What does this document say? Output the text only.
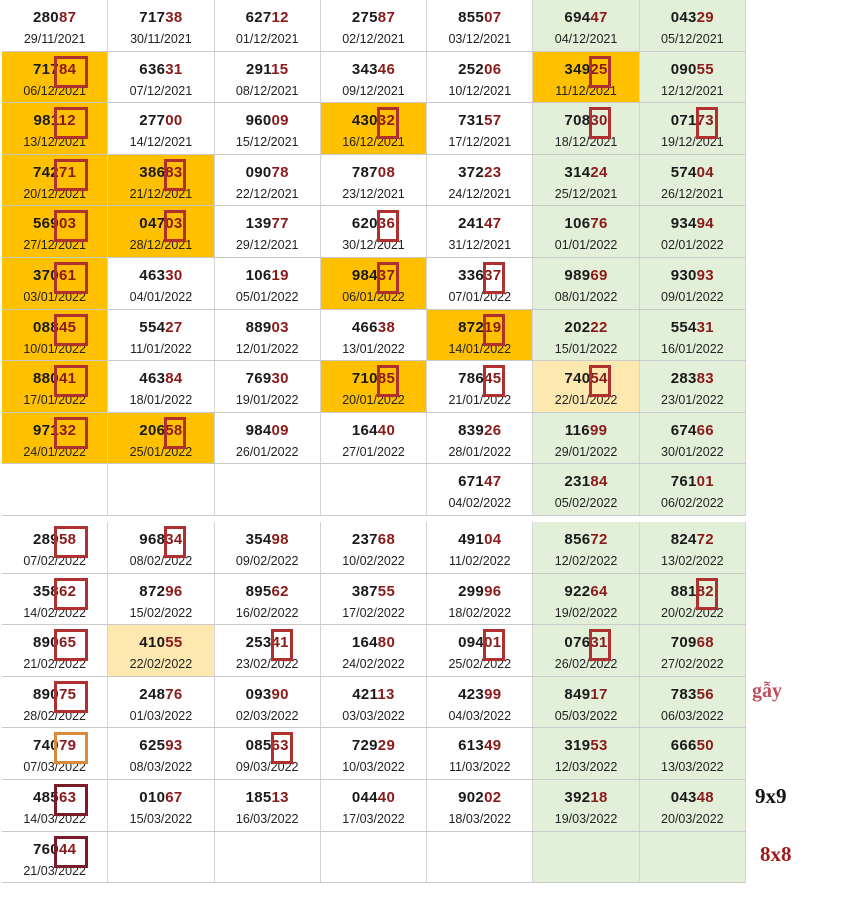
28087
29/11/2021
71738
30/11/2021
62712
01/12/2021
27587
02/12/2021
85507
03/12/2021
69447
04/12/2021
04329
05/12/2021
71784
06/12/2021
63631
07/12/2021
29115
08/12/2021
34346
09/12/2021
25206
10/12/2021
34925
11/12/2021
09055
12/12/2021
98112
13/12/2021
27700
14/12/2021
96009
15/12/2021
43032
16/12/2021
73157
17/12/2021
70830
18/12/2021
07173
19/12/2021
74271
20/12/2021
38683
21/12/2021
09078
22/12/2021
78708
23/12/2021
37223
24/12/2021
31424
25/12/2021
57404
26/12/2021
56903
27/12/2021
04703
28/12/2021
13977
29/12/2021
62036
30/12/2021
24147
31/12/2021
10676
01/01/2022
93494
02/01/2022
37061
03/01/2022
46330
04/01/2022
10619
05/01/2022
98437
06/01/2022
33637
07/01/2022
98969
08/01/2022
93093
09/01/2022
08845
10/01/2022
55427
11/01/2022
88903
12/01/2022
46638
13/01/2022
87219
14/01/2022
20222
15/01/2022
55431
16/01/2022
88041
17/01/2022
46384
18/01/2022
76930
19/01/2022
71085
20/01/2022
78645
21/01/2022
74054
22/01/2022
28383
23/01/2022
97132
24/01/2022
20658
25/01/2022
98409
26/01/2022
16440
27/01/2022
83926
28/01/2022
11699
29/01/2022
67466
30/01/2022
67147
04/02/2022
23184
05/02/2022
76101
06/02/2022
28958
07/02/2022
96834
08/02/2022
35498
09/02/2022
23768
10/02/2022
49104
11/02/2022
85672
12/02/2022
82472
13/02/2022
35862
14/02/2022
87296
15/02/2022
89562
16/02/2022
38755
17/02/2022
29996
18/02/2022
92264
19/02/2022
88182
20/02/2022
89065
21/02/2022
41055
22/02/2022
25341
23/02/2022
16480
24/02/2022
09401
25/02/2022
07631
26/02/2022
70968
27/02/2022
89075
28/02/2022
24876
01/03/2022
09390
02/03/2022
42113
03/03/2022
42399
04/03/2022
84917
05/03/2022
78356
06/03/2022
74079
07/03/2022
62593
08/03/2022
08563
09/03/2022
72929
10/03/2022
61349
11/03/2022
31953
12/03/2022
66650
13/03/2022
48563
14/03/2022
01067
15/03/2022
18513
16/03/2022
04440
17/03/2022
90202
18/03/2022
39218
19/03/2022
04348
20/03/2022
76044
21/03/2022
gẫy
9x9
8x8
